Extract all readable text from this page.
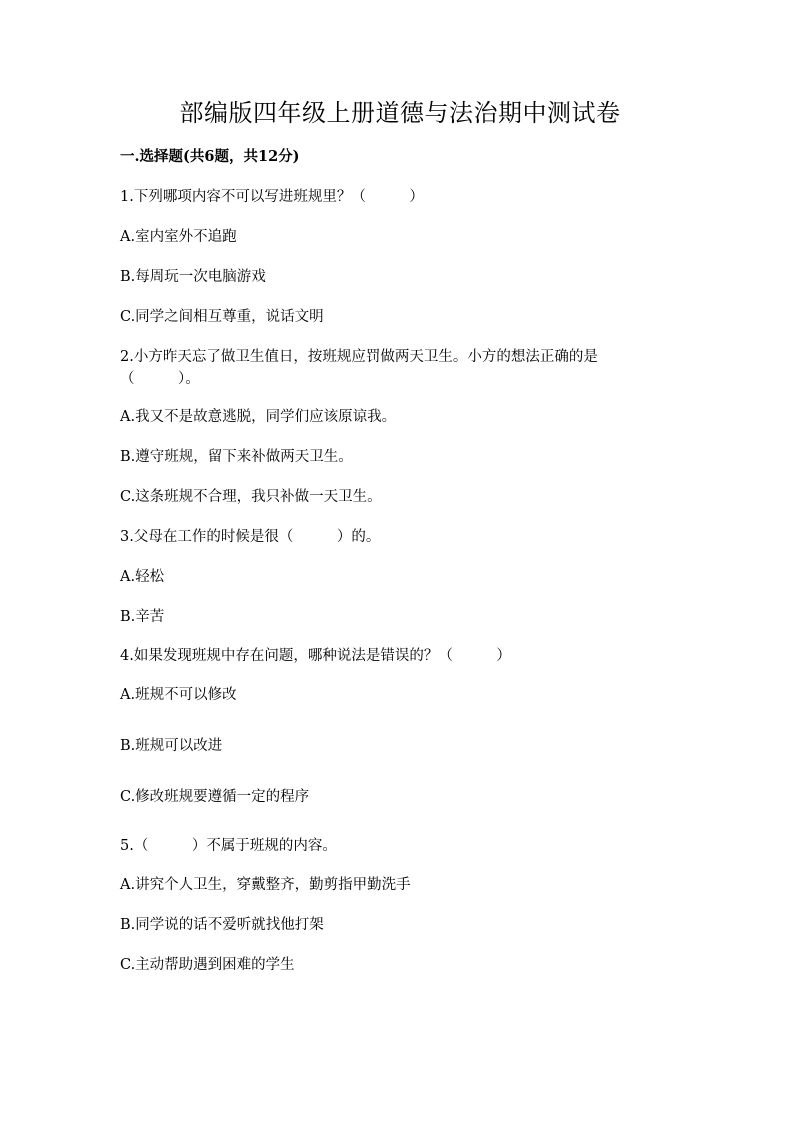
部编版四年级上册道德与法治期中测试卷
一.选择题(共6题，共12分)
1.下列哪项内容不可以写进班规里？（　　　）
A.室内室外不追跑
B.每周玩一次电脑游戏
C.同学之间相互尊重，说话文明
2.小方昨天忘了做卫生值日，按班规应罚做两天卫生。小方的想法正确的是
（　　　）。
A.我又不是故意逃脱，同学们应该原谅我。
B.遵守班规，留下来补做两天卫生。
C.这条班规不合理，我只补做一天卫生。
3.父母在工作的时候是很（　　　）的。
A.轻松
B.辛苦
4.如果发现班规中存在问题，哪种说法是错误的？（　　　）
A.班规不可以修改
B.班规可以改进
C.修改班规要遵循一定的程序
5.（　　　）不属于班规的内容。
A.讲究个人卫生，穿戴整齐，勤剪指甲勤洗手
B.同学说的话不爱听就找他打架
C.主动帮助遇到困难的学生
